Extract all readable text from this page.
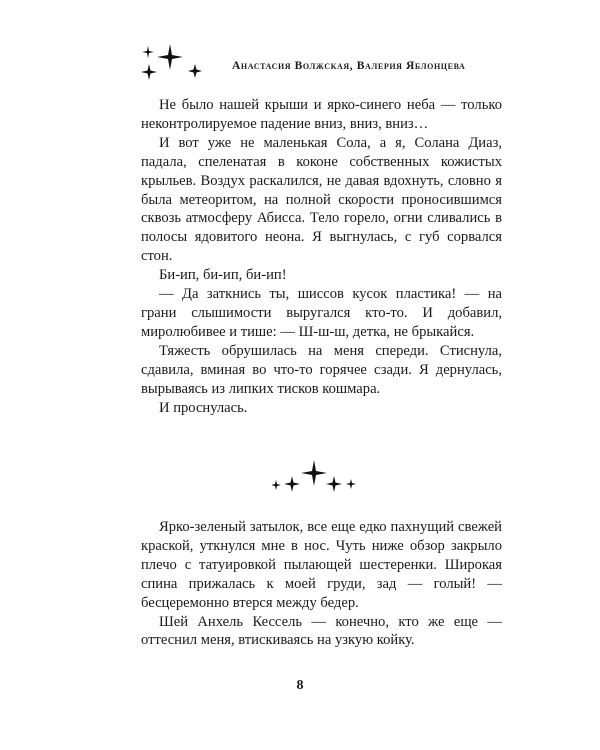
Анастасия Волжская, Валерия Яблонцева

Не было нашей крыши и ярко-синего неба — только неконтролируемое падение вниз, вниз, вниз…

И вот уже не маленькая Сола, а я, Солана Диаз, падала, спеленатая в коконе собственных кожистых крыльев. Воздух раскалился, не давая вдохнуть, словно я была метеоритом, на полной скорости проносившимся сквозь атмосферу Абисса. Тело горело, огни сливались в полосы ядовитого неона. Я выгнулась, с губ сорвался стон.

Би-ип, би-ип, би-ип!

— Да заткнись ты, шиссов кусок пластика! — на грани слышимости выругался кто-то. И добавил, миролюбивее и тише: — Ш-ш-ш, детка, не брыкайся.

Тяжесть обрушилась на меня спереди. Стиснула, сдавила, вминая во что-то горячее сзади. Я дернулась, вырываясь из липких тисков кошмара.

И проснулась.

Ярко-зеленый затылок, все еще едко пахнущий свежей краской, уткнулся мне в нос. Чуть ниже обзор закрыло плечо с татуировкой пылающей шестеренки. Широкая спина прижалась к моей груди, зад — голый! — бесцеремонно втерся между бедер.

Шей Анхель Кессель — конечно, кто же еще — оттеснил меня, втискиваясь на узкую койку.

8
